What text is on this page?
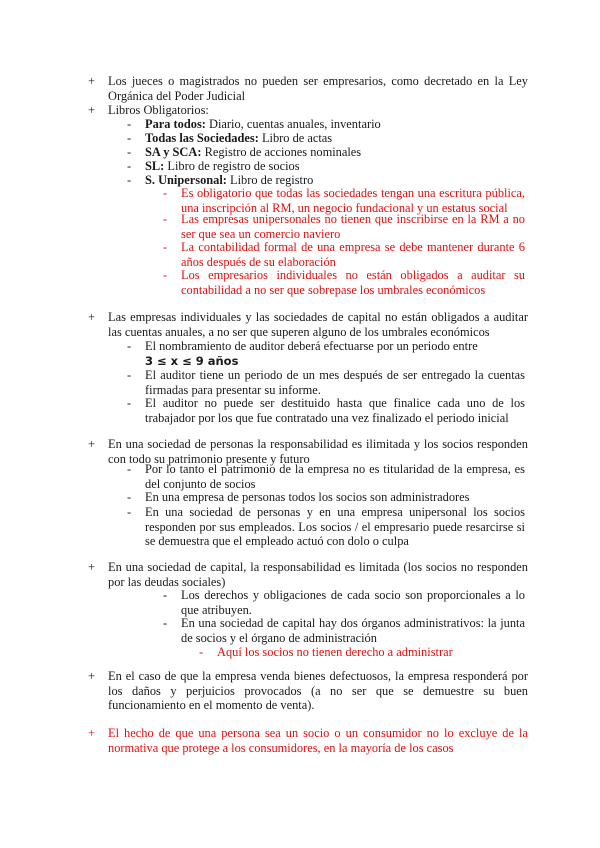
+	Los jueces o magistrados no pueden ser empresarios, como decretado en la Ley Orgánica del Poder Judicial
+	Libros Obligatorios:
-	Para todos: Diario, cuentas anuales, inventario
-	Todas las Sociedades: Libro de actas
-	SA y SCA: Registro de acciones nominales
-	SL: Libro de registro de socios
-	S. Unipersonal: Libro de registro
-	Es obligatorio que todas las sociedades tengan una escritura pública, una inscripción al RM, un negocio fundacional y un estatus social
-	Las empresas unipersonales no tienen que inscribirse en la RM a no ser que sea un comercio naviero
-	La contabilidad formal de una empresa se debe mantener durante 6 años después de su elaboración
-	Los empresarios individuales no están obligados a auditar su contabilidad a no ser que sobrepase los umbrales económicos
+	Las empresas individuales y las sociedades de capital no están obligados a auditar las cuentas anuales, a no ser que superen alguno de los umbrales económicos
-	El nombramiento de auditor deberá efectuarse por un periodo entre
3 ≤ x ≤ 9 años
-	El auditor tiene un periodo de un mes después de ser entregado la cuentas firmadas para presentar su informe.
-	El auditor no puede ser destituido hasta que finalice cada uno de los trabajador por los que fue contratado una vez finalizado el periodo inicial
+	En una sociedad de personas la responsabilidad es ilimitada y los socios responden con todo su patrimonio presente y futuro
-	Por lo tanto el patrimonio de la empresa no es titularidad de la empresa, es del conjunto de socios
-	En una empresa de personas todos los socios son administradores
-	En una sociedad de personas y en una empresa unipersonal los socios responden por sus empleados. Los socios / el empresario puede resarcirse si se demuestra que el empleado actuó con dolo o culpa
+	En una sociedad de capital, la responsabilidad es limitada (los socios no responden por las deudas sociales)
-	Los derechos y obligaciones de cada socio son proporcionales a lo que atribuyen.
-	En una sociedad de capital hay dos órganos administrativos: la junta de socios y el órgano de administración
-	Aquí los socios no tienen derecho a administrar
+	En el caso de que la empresa venda bienes defectuosos, la empresa responderá por los daños y perjuicios provocados (a no ser que se demuestre su buen funcionamiento en el momento de venta).
+	El hecho de que una persona sea un socio o un consumidor no lo excluye de la normativa que protege a los consumidores, en la mayoría de los casos
